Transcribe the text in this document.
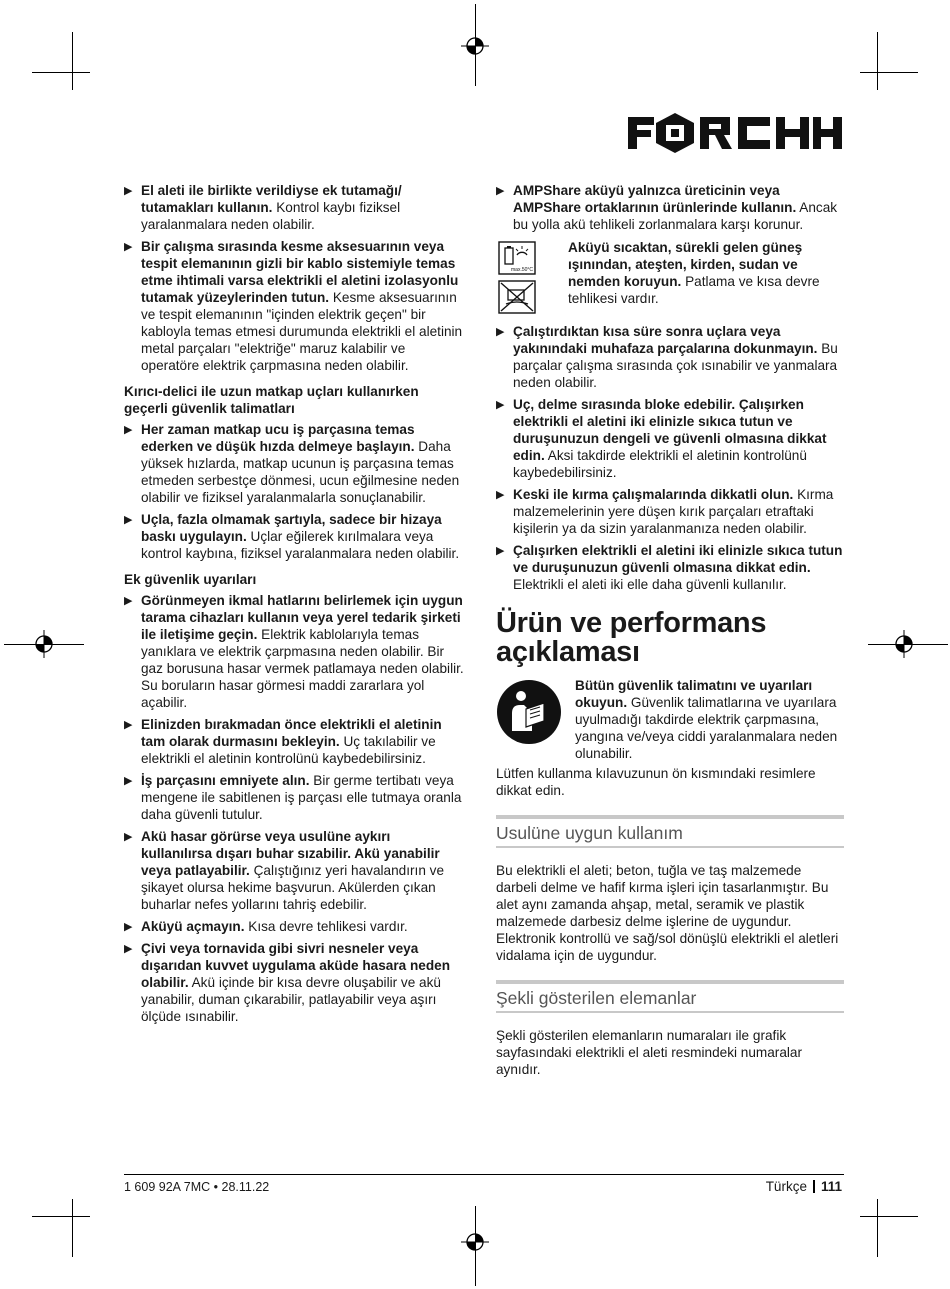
▶ El aleti ile birlikte verildiyse ek tutamağı/ tutamakları kullanın. Kontrol kaybı fiziksel yaralanmalara neden olabilir.
▶ Bir çalışma sırasında kesme aksesuarının veya tespit elemanının gizli bir kablo sistemiyle temas etme ihtimali varsa elektrikli el aletini izolasyonlu tutamak yüzeylerinden tutun. Kesme aksesuarının ve tespit elemanının "içinden elektrik geçen" bir kabloyla temas etmesi durumunda elektrikli el aletinin metal parçaları "elektriğe" maruz kalabilir ve operatöre elektrik çarpmasına neden olabilir.
Kırıcı-delici ile uzun matkap uçları kullanırken geçerli güvenlik talimatları
▶ Her zaman matkap ucu iş parçasına temas ederken ve düşük hızda delmeye başlayın. Daha yüksek hızlarda, matkap ucunun iş parçasına temas etmeden serbestçe dönmesi, ucun eğilmesine neden olabilir ve fiziksel yaralanmalarla sonuçlanabilir.
▶ Uçla, fazla olmamak şartıyla, sadece bir hizaya baskı uygulayın. Uçlar eğilerek kırılmalara veya kontrol kaybına, fiziksel yaralanmalara neden olabilir.
Ek güvenlik uyarıları
▶ Görünmeyen ikmal hatlarını belirlemek için uygun tarama cihazları kullanın veya yerel tedarik şirketi ile iletişime geçin. Elektrik kablolarıyla temas yanıklara ve elektrik çarpmasına neden olabilir. Bir gaz borusuna hasar vermek patlamaya neden olabilir. Su boruların hasar görmesi maddi zararlara yol açabilir.
▶ Elinizden bırakmadan önce elektrikli el aletinin tam olarak durmasını bekleyin. Uç takılabilir ve elektrikli el aletinin kontrolünü kaybedebilirsiniz.
▶ İş parçasını emniyete alın. Bir germe tertibatı veya mengene ile sabitlenen iş parçası elle tutmaya oranla daha güvenli tutulur.
▶ Akü hasar görürse veya usulüne aykırı kullanılırsa dışarı buhar sızabilir. Akü yanabilir veya patlayabilir. Çalıştığınız yeri havalandırın ve şikayet olursa hekime başvurun. Akülerden çıkan buharlar nefes yollarını tahriş edebilir.
▶ Aküyü açmayın. Kısa devre tehlikesi vardır.
▶ Çivi veya tornavida gibi sivri nesneler veya dışarıdan kuvvet uygulama aküde hasara neden olabilir. Akü içinde bir kısa devre oluşabilir ve akü yanabilir, duman çıkarabilir, patlayabilir veya aşırı ölçüde ısınabilir.
▶ AMPShare aküyü yalnızca üreticinin veya AMPShare ortaklarının ürünlerinde kullanın. Ancak bu yolla akü tehlikeli zorlanmalara karşı korunur.
max.50°C
Aküyü sıcaktan, sürekli gelen güneş ışınından, ateşten, kirden, sudan ve nemden koruyun. Patlama ve kısa devre tehlikesi vardır.
▶ Çalıştırdıktan kısa süre sonra uçlara veya yakınındaki muhafaza parçalarına dokunmayın. Bu parçalar çalışma sırasında çok ısınabilir ve yanmalara neden olabilir.
▶ Uç, delme sırasında bloke edebilir. Çalışırken elektrikli el aletini iki elinizle sıkıca tutun ve duruşunuzun dengeli ve güvenli olmasına dikkat edin. Aksi takdirde elektrikli el aletinin kontrolünü kaybedebilirsiniz.
▶ Keski ile kırma çalışmalarında dikkatli olun. Kırma malzemelerinin yere düşen kırık parçaları etraftaki kişilerin ya da sizin yaralanmanıza neden olabilir.
▶ Çalışırken elektrikli el aletini iki elinizle sıkıca tutun ve duruşunuzun güvenli olmasına dikkat edin. Elektrikli el aleti iki elle daha güvenli kullanılır.
Ürün ve performans açıklaması
Bütün güvenlik talimatını ve uyarıları okuyun. Güvenlik talimatlarına ve uyarılara uyulmadığı takdirde elektrik çarpmasına, yangına ve/veya ciddi yaralanmalara neden olunabilir.
Lütfen kullanma kılavuzunun ön kısmındaki resimlere dikkat edin.
Usulüne uygun kullanım
Bu elektrikli el aleti; beton, tuğla ve taş malzemede darbeli delme ve hafif kırma işleri için tasarlanmıştır. Bu alet aynı zamanda ahşap, metal, seramik ve plastik malzemede darbesiz delme işlerine de uygundur. Elektronik kontrollü ve sağ/sol dönüşlü elektrikli el aletleri vidalama için de uygundur.
Şekli gösterilen elemanlar
Şekli gösterilen elemanların numaraları ile grafik sayfasındaki elektrikli el aleti resmindeki numaralar aynıdır.
1 609 92A 7MC • 28.11.22	Türkçe 111
